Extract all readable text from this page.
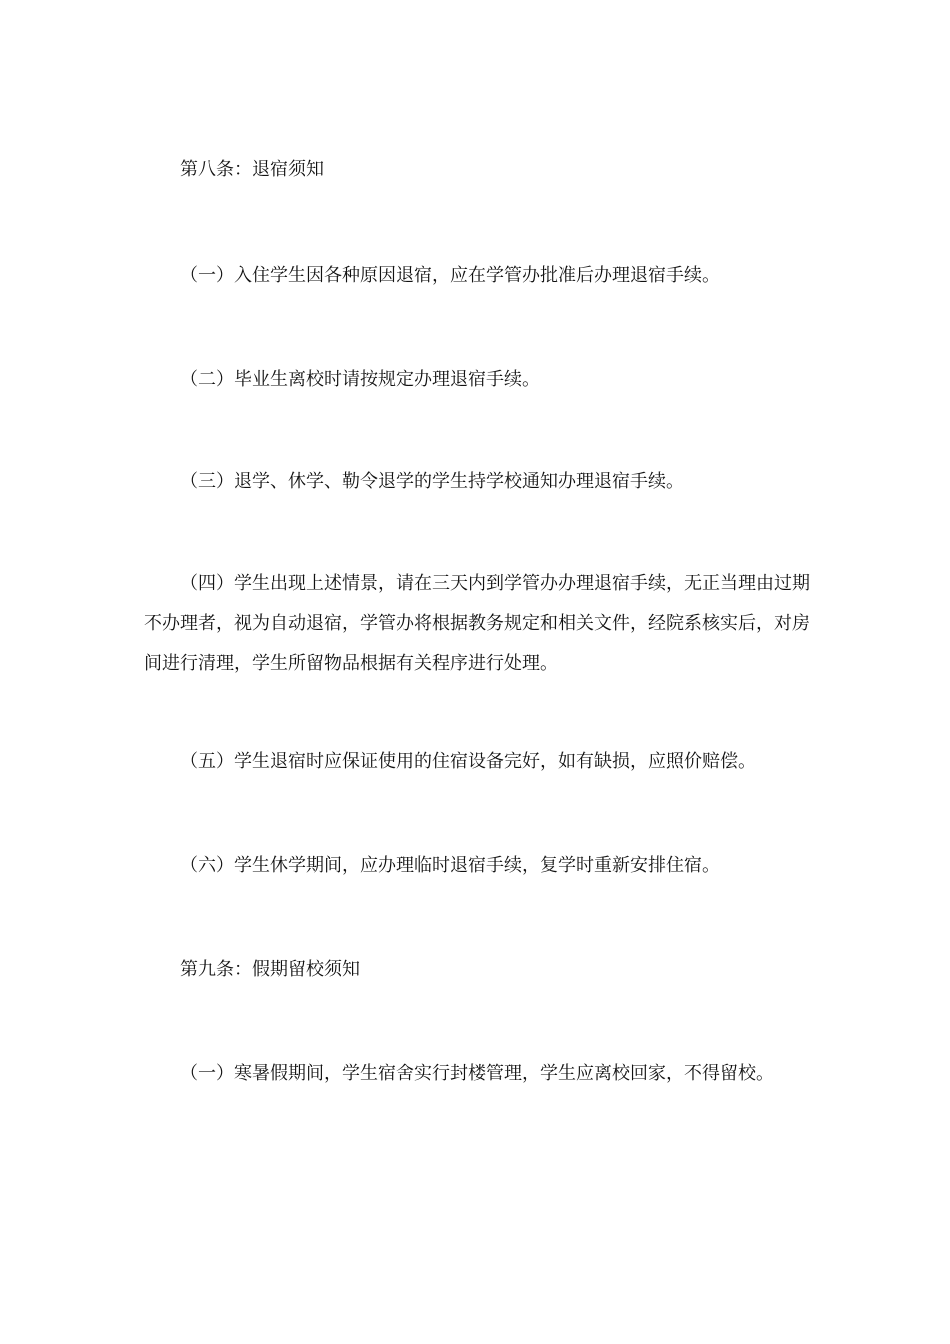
第八条：退宿须知

（一）入住学生因各种原因退宿，应在学管办批准后办理退宿手续。

（二）毕业生离校时请按规定办理退宿手续。

（三）退学、休学、勒令退学的学生持学校通知办理退宿手续。

（四）学生出现上述情景，请在三天内到学管办办理退宿手续，无正当理由过期不办理者，视为自动退宿，学管办将根据教务规定和相关文件，经院系核实后，对房间进行清理，学生所留物品根据有关程序进行处理。

（五）学生退宿时应保证使用的住宿设备完好，如有缺损，应照价赔偿。

（六）学生休学期间，应办理临时退宿手续，复学时重新安排住宿。

第九条：假期留校须知

（一）寒暑假期间，学生宿舍实行封楼管理，学生应离校回家，不得留校。
